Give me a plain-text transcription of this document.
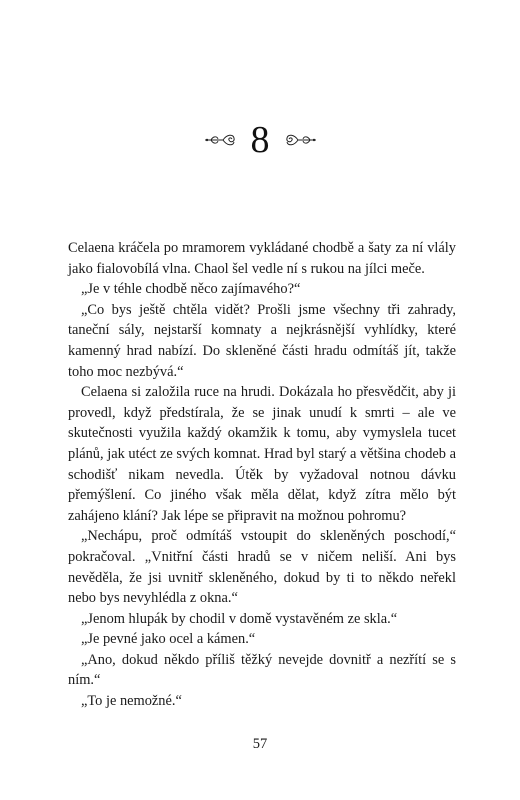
8

Celaena kráčela po mramorem vykládané chodbě a šaty za ní vlály jako fialovobílá vlna. Chaol šel vedle ní s rukou na jílci meče.

„Je v téhle chodbě něco zajímavého?“

„Co bys ještě chtěla vidět? Prošli jsme všechny tři zahrady, taneční sály, nejstarší komnaty a nejkrásnější vyhlídky, které kamenný hrad nabízí. Do skleněné části hradu odmítáš jít, takže toho moc nezbývá.“

Celaena si založila ruce na hrudi. Dokázala ho přesvědčit, aby ji provedl, když předstírala, že se jinak unudí k smrti – ale ve skutečnosti využila každý okamžik k tomu, aby vymyslela tucet plánů, jak utéct ze svých komnat. Hrad byl starý a většina chodeb a schodišť nikam nevedla. Útěk by vyžadoval notnou dávku přemýšlení. Co jiného však měla dělat, když zítra mělo být zahájeno klání? Jak lépe se připravit na možnou pohromu?

„Nechápu, proč odmítáš vstoupit do skleněných poschodí,“ pokračoval. „Vnitřní části hradů se v ničem neliší. Ani bys nevěděla, že jsi uvnitř skleněného, dokud by ti to někdo neřekl nebo bys nevyhlédla z okna.“

„Jenom hlupák by chodil v domě vystavěném ze skla.“

„Je pevné jako ocel a kámen.“

„Ano, dokud někdo příliš těžký nevejde dovnitř a nezřítí se s ním.“

„To je nemožné.“

57
